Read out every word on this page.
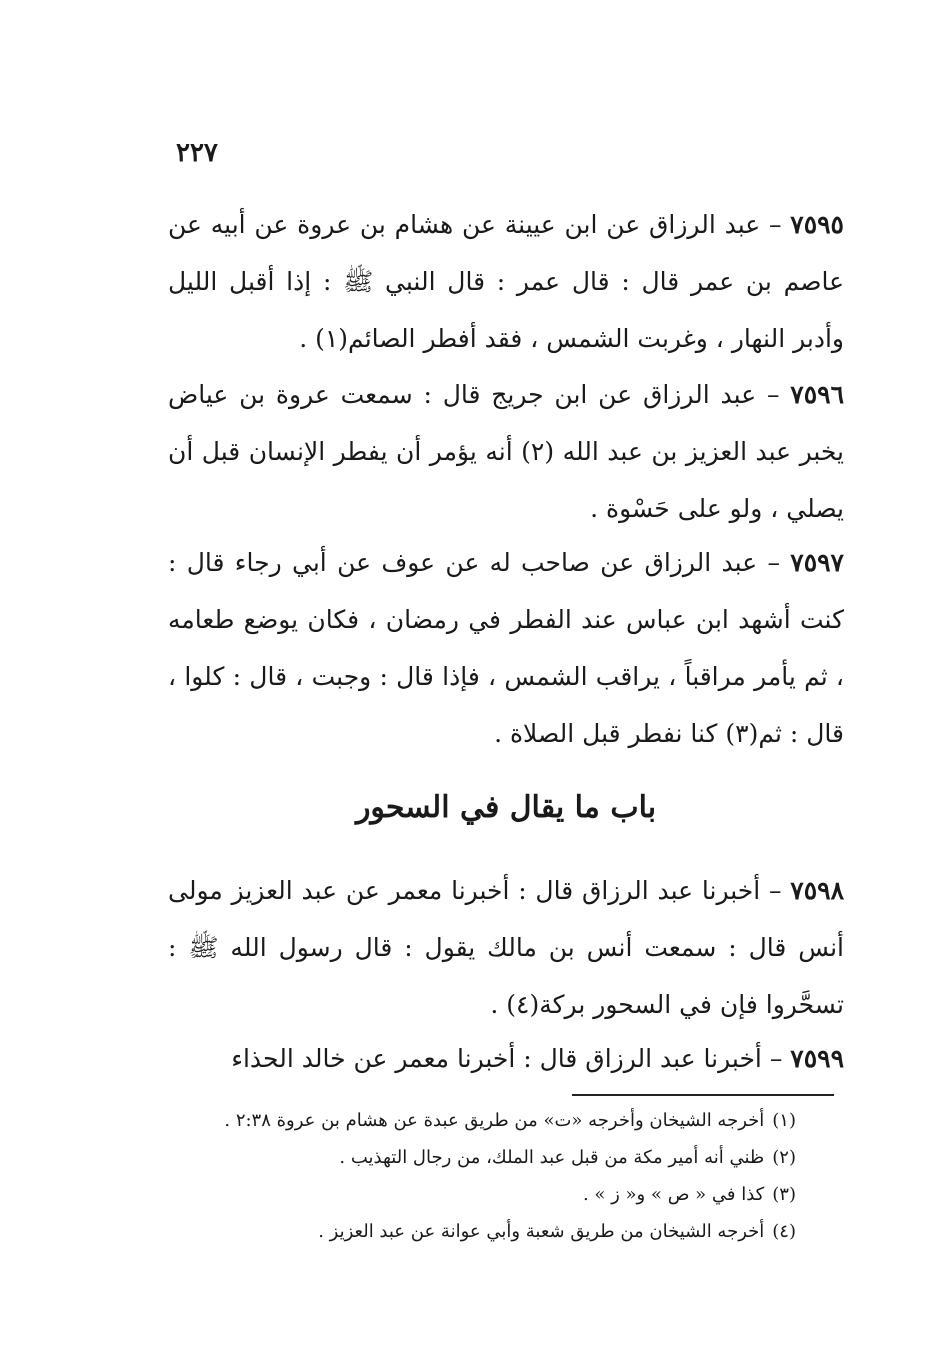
٢٢٧

٧٥٩٥ – عبد الرزاق عن ابن عيينة عن هشام بن عروة عن أبيه عن عاصم بن عمر قال : قال عمر : قال النبي ﷺ : إذا أقبل الليل وأدبر النهار ، وغربت الشمس ، فقد أفطر الصائم(١) .

٧٥٩٦ – عبد الرزاق عن ابن جريج قال : سمعت عروة بن عياض يخبر عبد العزيز بن عبد الله (٢) أنه يؤمر أن يفطر الإنسان قبل أن يصلي ، ولو على حَسْوة .

٧٥٩٧ – عبد الرزاق عن صاحب له عن عوف عن أبي رجاء قال : كنت أشهد ابن عباس عند الفطر في رمضان ، فكان يوضع طعامه ، ثم يأمر مراقباً ، يراقب الشمس ، فإذا قال : وجبت ، قال : كلوا ، قال : ثم(٣) كنا نفطر قبل الصلاة .

باب ما يقال في السحور

٧٥٩٨ – أخبرنا عبد الرزاق قال : أخبرنا معمر عن عبد العزيز مولى أنس قال : سمعت أنس بن مالك يقول : قال رسول الله ﷺ : تسحَّروا فإن في السحور بركة(٤) .

٧٥٩٩ – أخبرنا عبد الرزاق قال : أخبرنا معمر عن خالد الحذاء

(١)أخرجه الشيخان وأخرجه «ت» من طريق عبدة عن هشام بن عروة ٢:٣٨ .

(٢)ظني أنه أمير مكة من قبل عبد الملك، من رجال التهذيب .

(٣)كذا في « ص » و« ز » .

(٤)أخرجه الشيخان من طريق شعبة وأبي عوانة عن عبد العزيز .
